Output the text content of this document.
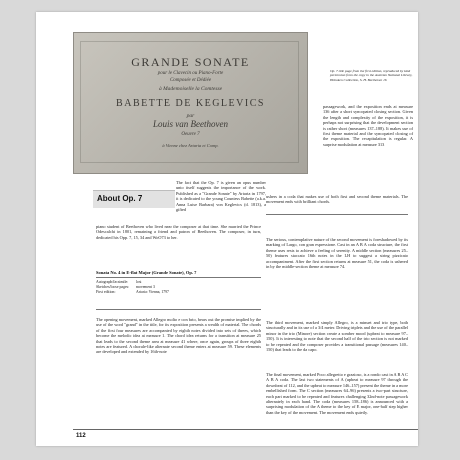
GRANDE SONATE
pour le Clavecin ou Piano-Forte
Composée et Dédiée
à Mademoiselle la Comtesse
BABETTE DE KEGLEVICS
par
Louis van Beethoven
Oeuvre 7
à Vienne chez Artaria et Comp.
Op. 7 title page from the first edition, reproduced by kind permission from the copy in the Austrian National Library, Hoboken Collection, S. H. Beethoven 16
passagework, and the exposition ends at measure 136 after a short syncopated closing section. Given the length and complexity of the exposition, it is perhaps not surprising that the development section is rather short (measures 137–188). It makes use of first theme material and the syncopated closing of the exposition. The recapitulation is regular. A surprise modulation at measure 313
About Op. 7
The fact that the Op. 7 is given an opus number unto itself suggests the importance of the work. Published as a "Grande Sonate" by Artaria in 1797, it is dedicated to the young Countess Babette (a.k.a. Anna Luise Barbara) von Keglevics (d. 1813), a gifted
piano student of Beethoven who lived near the composer at that time. She married the Prince Odescalchi in 1801, remaining a friend and patron of Beethoven. The composer, in turn, dedicated his Opp. 7, 15, 34 and WoO73 to her.
Sonata No. 4 in E-flat Major (Grande Sonate), Op. 7
Autograph/facsimile:	lost
Sketches/loose pages:	movement 3
First edition:	Artaria: Vienna, 1797
The opening movement, marked Allegro molto e con brio, bears out the promise implied by the use of the word "grand" in the title, for its exposition presents a wealth of material. The chords of the first four measures are accompanied by eighth notes divided into sets of threes, which become the melodic idea at measure 1. The chord idea returns for a transition at measure 25 that leads to the second theme area at measure 41 where, once again, groups of three eighth notes are featured. A chorale-like alternate second theme enters at measure 59. These elements are developed and extended by 16th-note
ushers in a coda that makes use of both first and second theme materials. The movement ends with brilliant chords.
The serious, contemplative nature of the second movement is foreshadowed by its marking of Largo, con gran espressione. Cast in an A B A coda structure, the first theme uses rests to achieve a feeling of serenity. A middle section (measures 25–50) features staccato 16th notes in the LH to suggest a string pizzicato accompaniment. After the first section returns at measure 51, the coda is ushered in by the middle-section theme at measure 74.
The third movement, marked simply Allegro, is a minuet and trio type, both structurally and in its use of a 3/4 meter. Driving triplets and the use of the parallel minor in the trio (Minore) section create a somber mood (upbeat to measure 97–150). It is interesting to note that the second half of the trio section is not marked to be repeated and the composer provides a transitional passage (measures 140–150) that leads to the da capo.
The final movement, marked Poco allegretto e grazioso, is a rondo cast in A B A C A B A coda. The last two statements of A (upbeat to measure 97 through the downbeat of 112, and the upbeat to measure 146–157) present the theme in a more embellished form. The C section (measures 64–96) presents a two-part structure, each part marked to be repeated and features challenging 32nd-note passagework alternately in each hand. The coda (measures 158–186) is announced with a surprising modulation of the A theme to the key of E major, one-half step higher than the key of the movement. The movement ends quietly.
112
